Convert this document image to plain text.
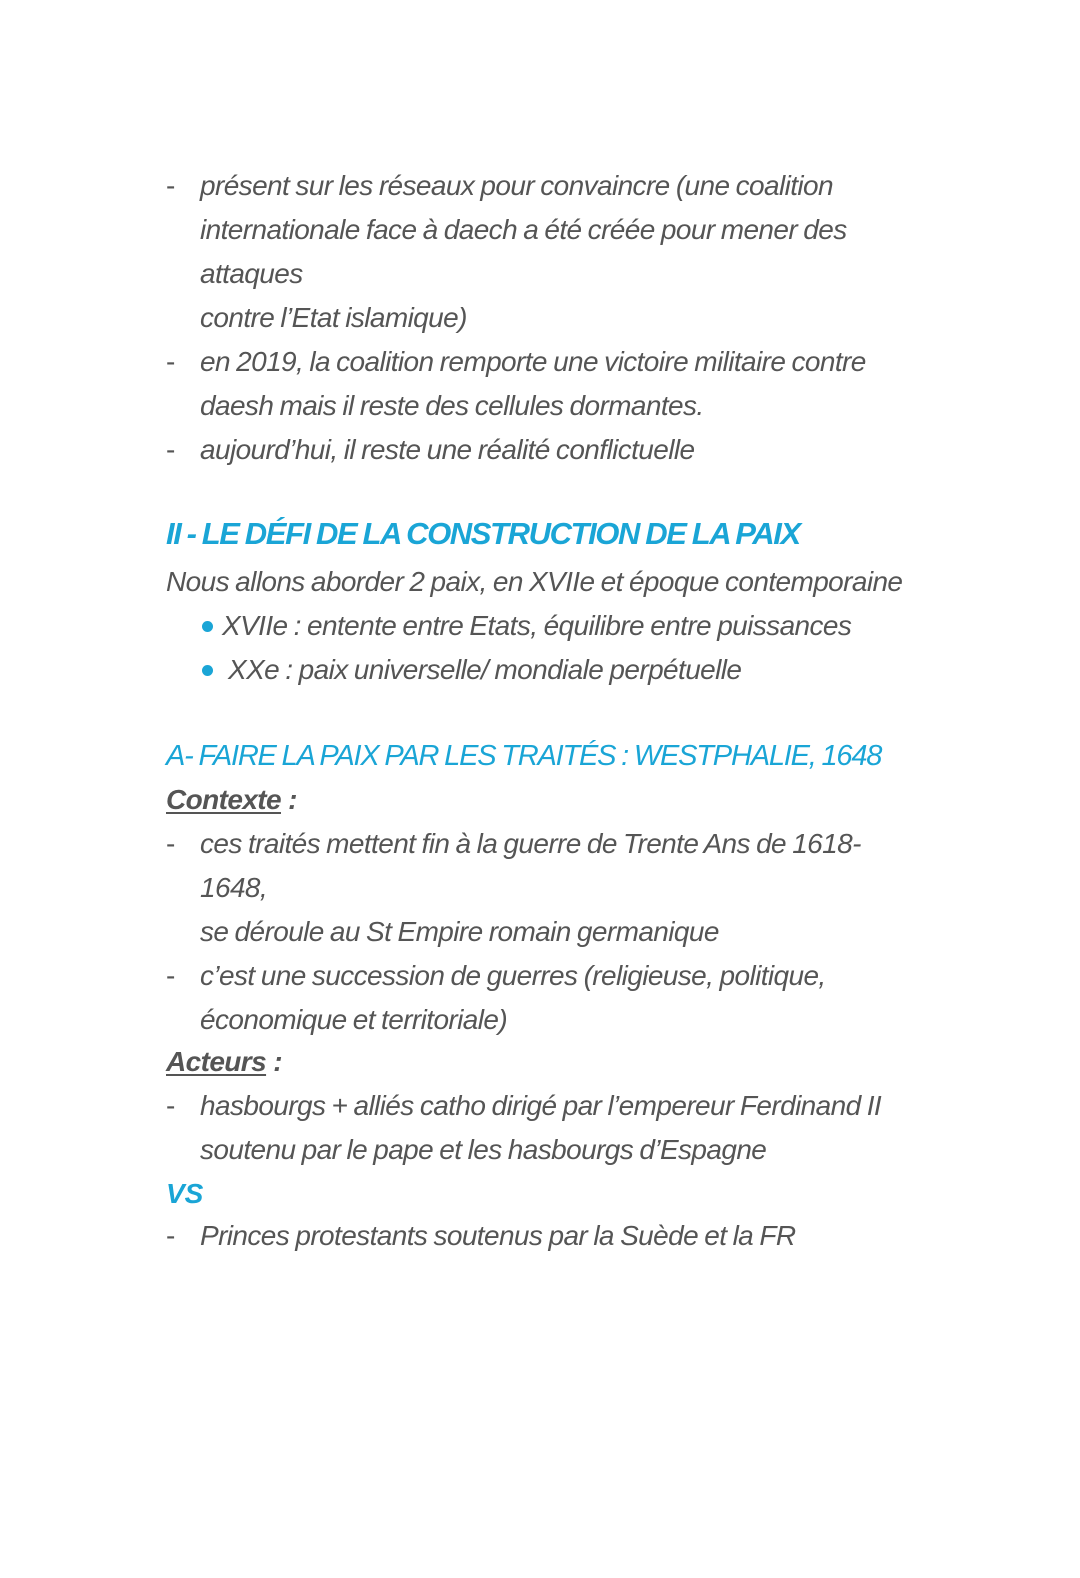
- présent sur les réseaux pour convaincre (une coalition
internationale face à daech a été créée pour mener des attaques
contre l’Etat islamique)
- en 2019, la coalition remporte une victoire militaire contre
daesh mais il reste des cellules dormantes.
- aujourd’hui, il reste une réalité conflictuelle
II - LE DÉFI DE LA CONSTRUCTION DE LA PAIX
Nous allons aborder 2 paix, en XVIIe et époque contemporaine
XVIIe : entente entre Etats, équilibre entre puissances
XXe : paix universelle/ mondiale perpétuelle
A- FAIRE LA PAIX PAR LES TRAITÉS : WESTPHALIE, 1648
Contexte :
- ces traités mettent fin à la guerre de Trente Ans de 1618-1648,
se déroule au St Empire romain germanique
- c’est une succession de guerres (religieuse, politique,
économique et territoriale)
Acteurs :
- hasbourgs + alliés catho dirigé par l’empereur Ferdinand II
soutenu par le pape et les hasbourgs d’Espagne
VS
- Princes protestants soutenus par la Suède et la FR
